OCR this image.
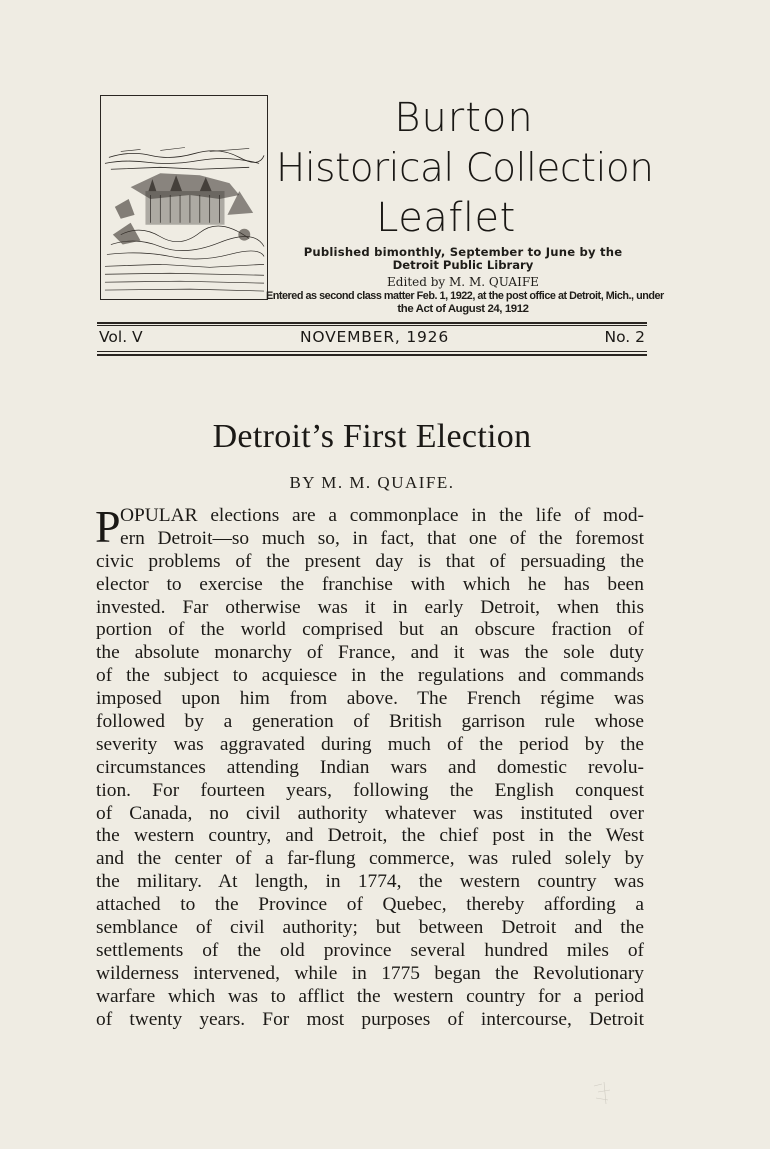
Burton
Historical Collection
Leaflet
Published bimonthly, September to June by the
Detroit Public Library
Edited by M. M. QUAIFE
Entered as second class matter Feb. 1, 1922, at the post office at Detroit, Mich., under
the Act of August 24, 1912
Vol. V	NOVEMBER, 1926	No. 2
Detroit’s First Election
BY M. M. QUAIFE.
P OPULAR elections are a commonplace in the life of mod-
ern Detroit—so much so, in fact, that one of the foremost
civic problems of the present day is that of persuading the
elector to exercise the franchise with which he has been
invested. Far otherwise was it in early Detroit, when this
portion of the world comprised but an obscure fraction of
the absolute monarchy of France, and it was the sole duty
of the subject to acquiesce in the regulations and commands
imposed upon him from above. The French régime was
followed by a generation of British garrison rule whose
severity was aggravated during much of the period by the
circumstances attending Indian wars and domestic revolu-
tion. For fourteen years, following the English conquest
of Canada, no civil authority whatever was instituted over
the western country, and Detroit, the chief post in the West
and the center of a far-flung commerce, was ruled solely by
the military. At length, in 1774, the western country was
attached to the Province of Quebec, thereby affording a
semblance of civil authority; but between Detroit and the
settlements of the old province several hundred miles of
wilderness intervened, while in 1775 began the Revolutionary
warfare which was to afflict the western country for a period
of twenty years. For most purposes of intercourse, Detroit
